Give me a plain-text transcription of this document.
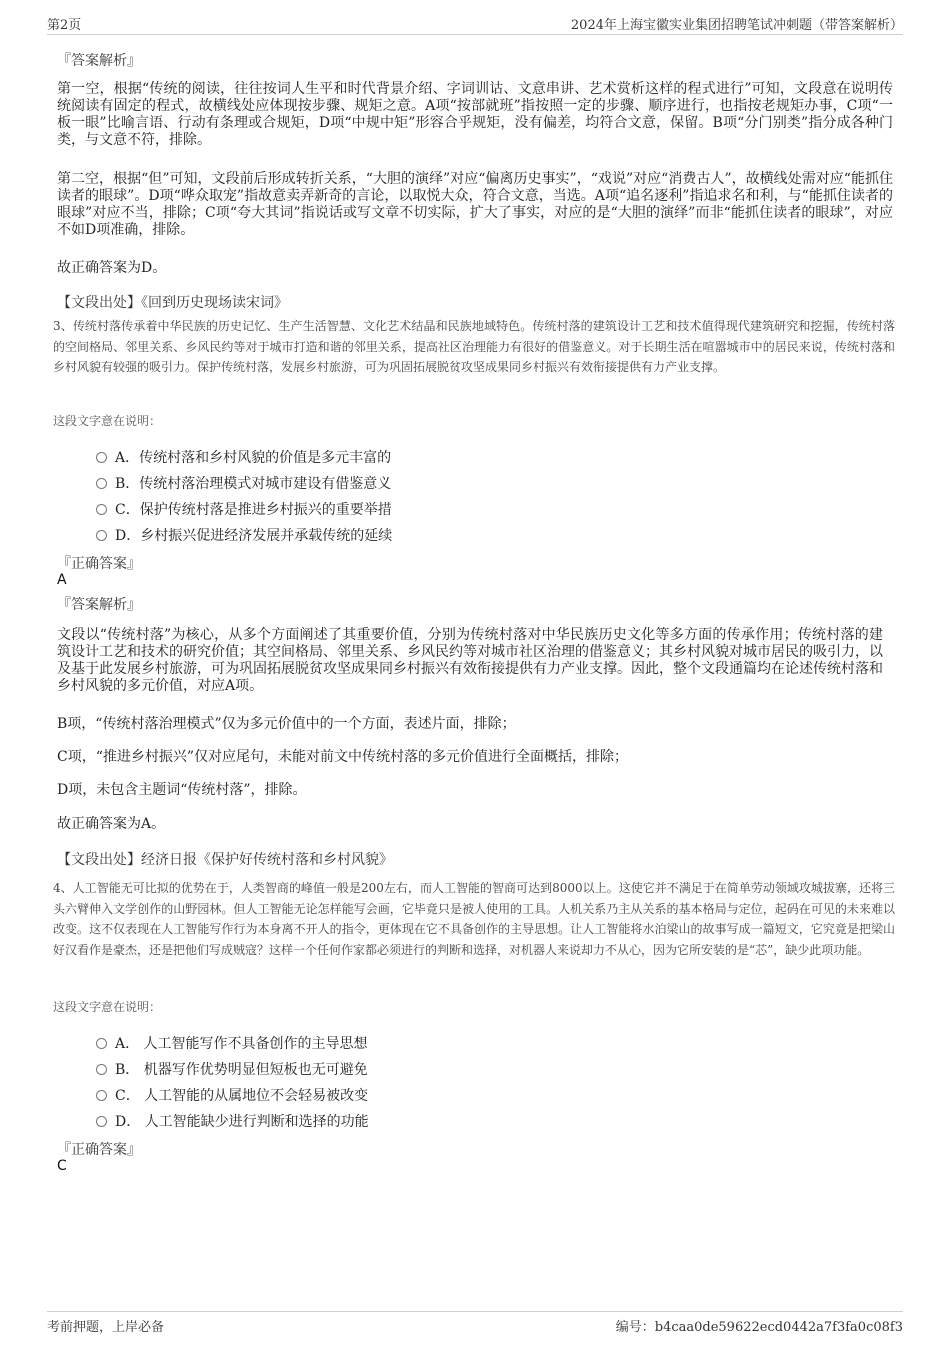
第2页	2024年上海宝徽实业集团招聘笔试冲刺题（带答案解析）
『答案解析』
第一空，根据“传统的阅读，往往按词人生平和时代背景介绍、字词训诂、文意串讲、艺术赏析这样的程式进行”可知，文段意在说明传统阅读有固定的程式，故横线处应体现按步骤、规矩之意。A项“按部就班”指按照一定的步骤、顺序进行，也指按老规矩办事，C项“一板一眼”比喻言语、行动有条理或合规矩，D项“中规中矩”形容合乎规矩，没有偏差，均符合文意，保留。B项“分门别类”指分成各种门类，与文意不符，排除。
第二空，根据“但”可知，文段前后形成转折关系，“大胆的演绎”对应“偏离历史事实”，“戏说”对应“消费古人”，故横线处需对应“能抓住读者的眼球”。D项“哗众取宠”指故意卖弄新奇的言论，以取悦大众，符合文意，当选。A项“追名逐利”指追求名和利，与“能抓住读者的眼球”对应不当，排除；C项“夸大其词”指说话或写文章不切实际，扩大了事实，对应的是“大胆的演绎”而非“能抓住读者的眼球”，对应不如D项准确，排除。
故正确答案为D。
【文段出处】《回到历史现场读宋词》
3、传统村落传承着中华民族的历史记忆、生产生活智慧、文化艺术结晶和民族地域特色。传统村落的建筑设计工艺和技术值得现代建筑研究和挖掘，传统村落的空间格局、邻里关系、乡风民约等对于城市打造和谐的邻里关系，提高社区治理能力有很好的借鉴意义。对于长期生活在喧嚣城市中的居民来说，传统村落和乡村风貌有较强的吸引力。保护传统村落，发展乡村旅游，可为巩固拓展脱贫攻坚成果同乡村振兴有效衔接提供有力产业支撑。
这段文字意在说明：
A．传统村落和乡村风貌的价值是多元丰富的
B．传统村落治理模式对城市建设有借鉴意义
C．保护传统村落是推进乡村振兴的重要举措
D．乡村振兴促进经济发展并承载传统的延续
『正确答案』
A
『答案解析』
文段以“传统村落”为核心，从多个方面阐述了其重要价值，分别为传统村落对中华民族历史文化等多方面的传承作用；传统村落的建筑设计工艺和技术的研究价值；其空间格局、邻里关系、乡风民约等对城市社区治理的借鉴意义；其乡村风貌对城市居民的吸引力，以及基于此发展乡村旅游，可为巩固拓展脱贫攻坚成果同乡村振兴有效衔接提供有力产业支撑。因此，整个文段通篇均在论述传统村落和乡村风貌的多元价值，对应A项。
B项，“传统村落治理模式”仅为多元价值中的一个方面，表述片面，排除；
C项，“推进乡村振兴”仅对应尾句，未能对前文中传统村落的多元价值进行全面概括，排除；
D项，未包含主题词“传统村落”，排除。
故正确答案为A。
【文段出处】经济日报《保护好传统村落和乡村风貌》
4、人工智能无可比拟的优势在于，人类智商的峰值一般是200左右，而人工智能的智商可达到8000以上。这使它并不满足于在简单劳动领域攻城拔寨，还将三头六臂伸入文学创作的山野园林。但人工智能无论怎样能写会画，它毕竟只是被人使用的工具。人机关系乃主从关系的基本格局与定位，起码在可见的未来难以改变。这不仅表现在人工智能写作行为本身离不开人的指令，更体现在它不具备创作的主导思想。让人工智能将水泊梁山的故事写成一篇短文，它究竟是把梁山好汉看作是豪杰，还是把他们写成贼寇？这样一个任何作家都必须进行的判断和选择，对机器人来说却力不从心，因为它所安装的是“芯”，缺少此项功能。
这段文字意在说明：
A． 人工智能写作不具备创作的主导思想
B． 机器写作优势明显但短板也无可避免
C． 人工智能的从属地位不会轻易被改变
D． 人工智能缺少进行判断和选择的功能
『正确答案』
C
考前押题，上岸必备	编号：b4caa0de59622ecd0442a7f3fa0c08f3
